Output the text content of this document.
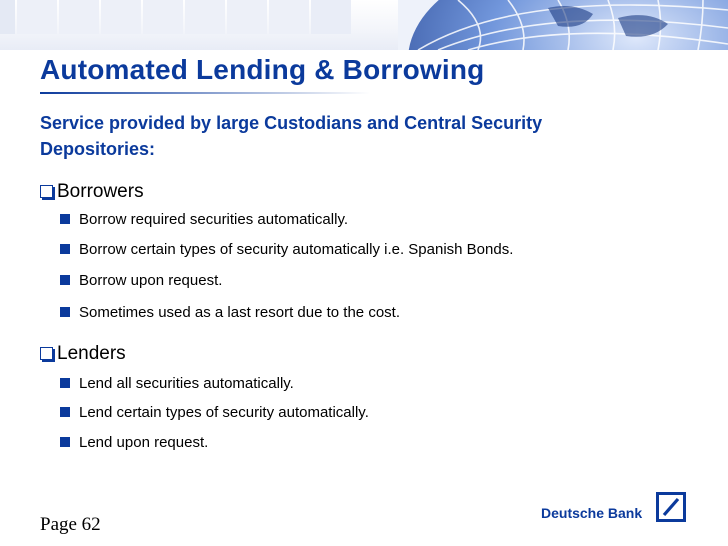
Automated Lending & Borrowing
Service provided by large Custodians and Central Security Depositories:
Borrowers
Borrow required securities automatically.
Borrow certain types of security automatically i.e. Spanish Bonds.
Borrow upon request.
Sometimes used as a last resort due to the cost.
Lenders
Lend all securities automatically.
Lend certain types of security automatically.
Lend upon request.
Page 62
Deutsche Bank
